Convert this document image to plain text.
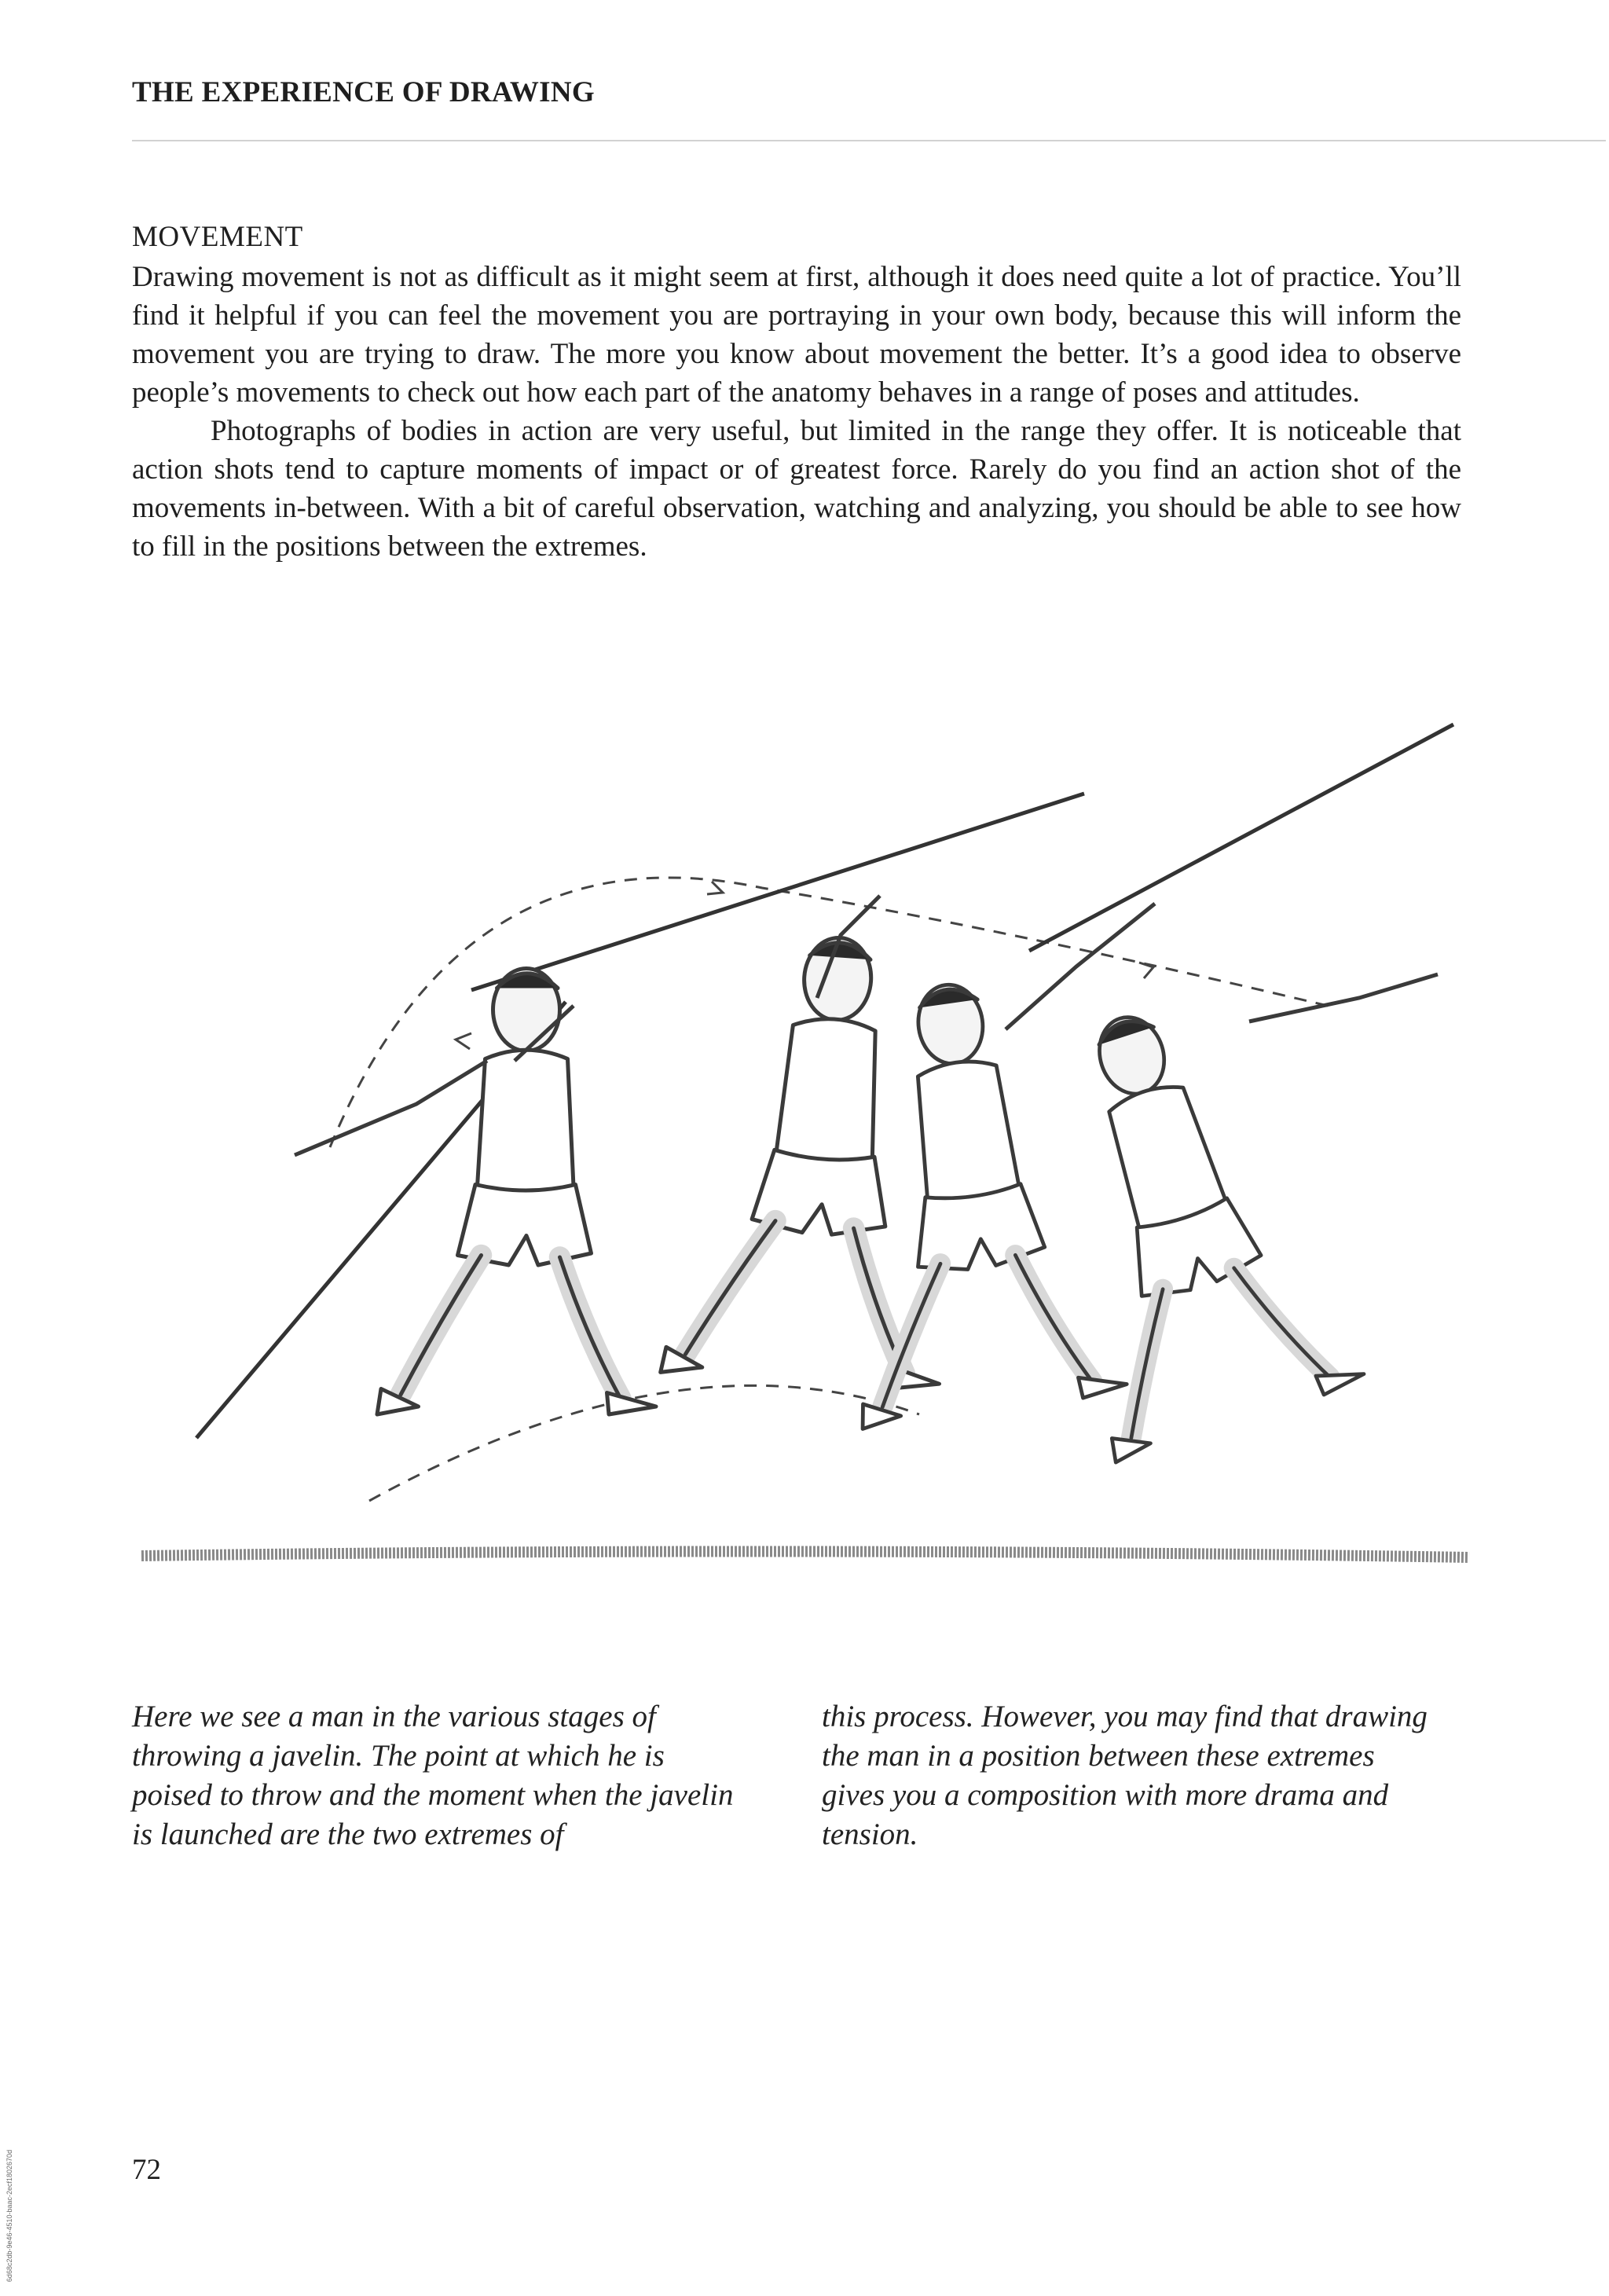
THE EXPERIENCE OF DRAWING
MOVEMENT

Drawing movement is not as difficult as it might seem at first, although it does need quite a lot of practice. You’ll find it helpful if you can feel the movement you are portraying in your own body, because this will inform the movement you are trying to draw. The more you know about movement the better. It’s a good idea to observe people’s movements to check out how each part of the anatomy behaves in a range of poses and attitudes.

Photographs of bodies in action are very useful, but limited in the range they offer. It is noticeable that action shots tend to capture moments of impact or of greatest force. Rarely do you find an action shot of the movements in-between. With a bit of careful observation, watching and analyzing, you should be able to see how to fill in the positions between the extremes.

Here we see a man in the various stages of throwing a javelin. The point at which he is poised to throw and the moment when the javelin is launched are the two extremes of
this process. However, you may find that drawing the man in a position between these extremes gives you a composition with more drama and tension.
72
6d68c2db-9e46-4510-baac-2ecf1802670d
